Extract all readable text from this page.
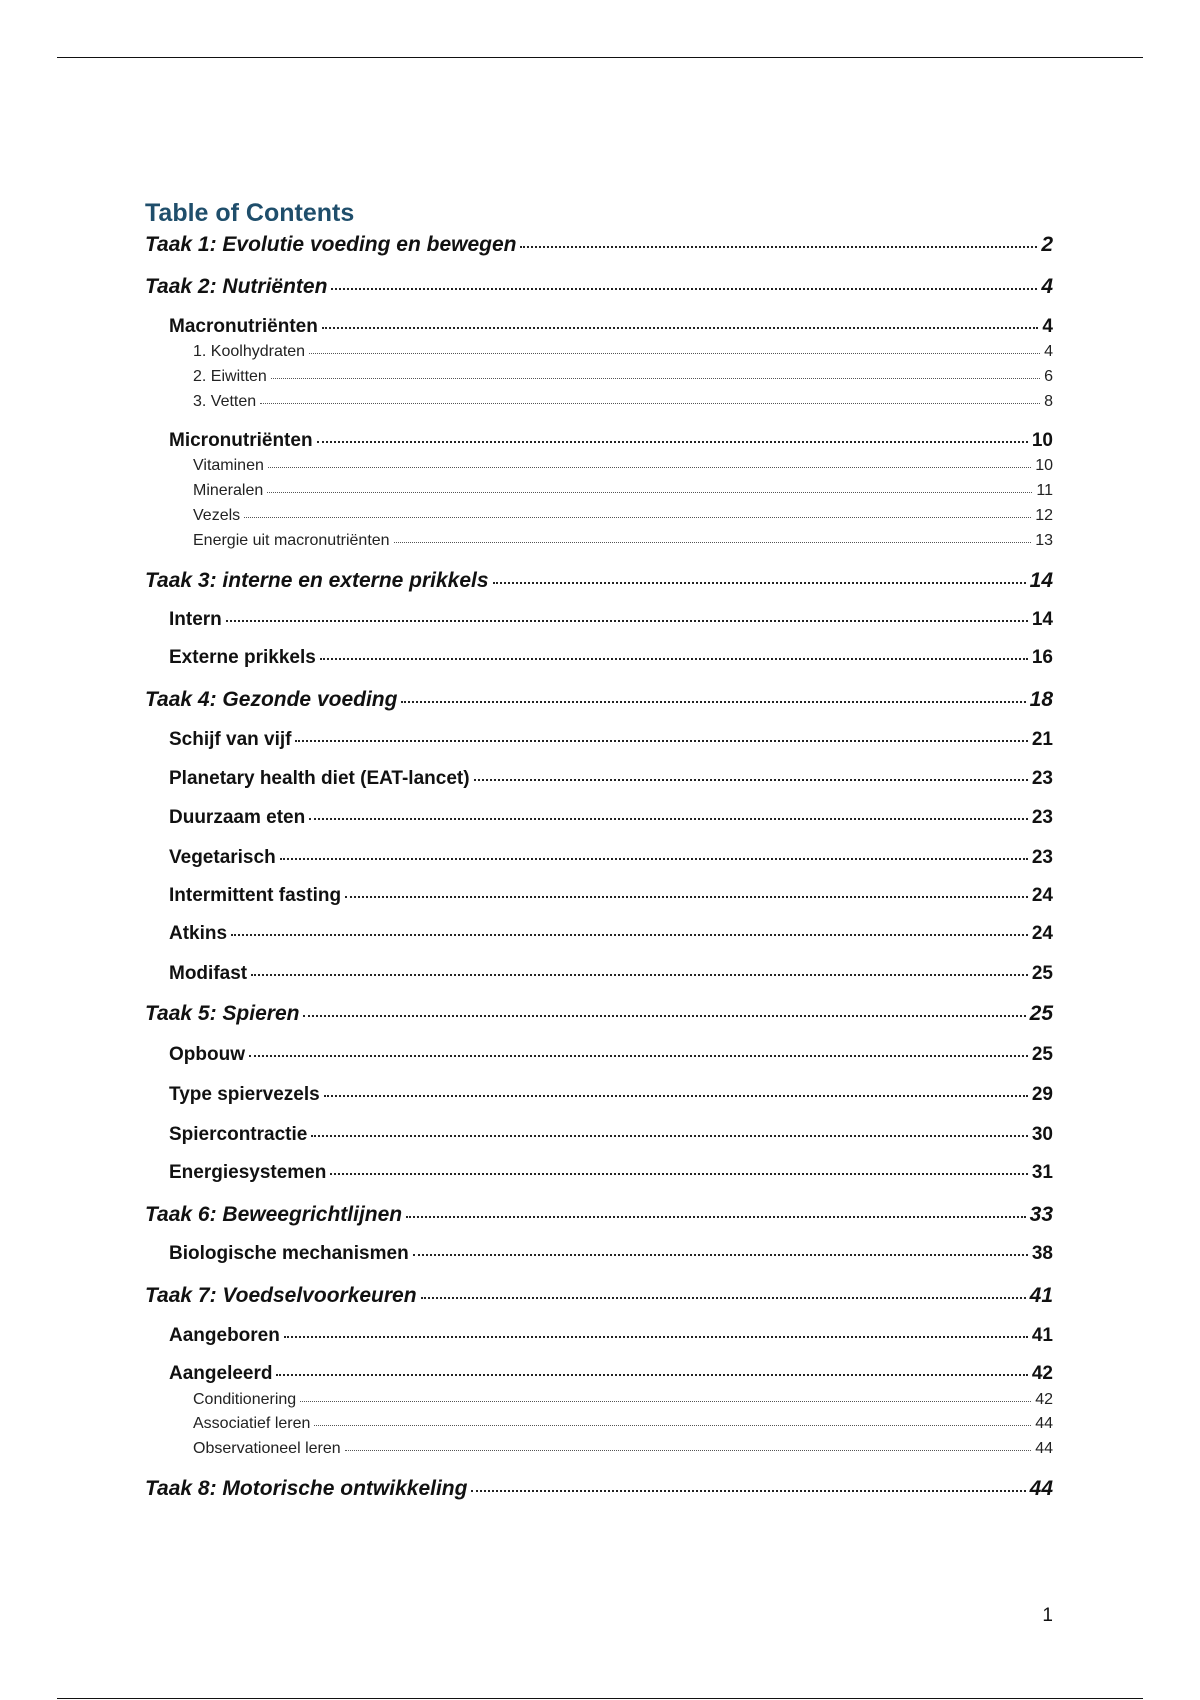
Table of Contents
Taak 1: Evolutie voeding en bewegen	2
Taak 2: Nutriënten	4
Macronutriënten	4
1. Koolhydraten	4
2. Eiwitten	6
3. Vetten	8
Micronutriënten	10
Vitaminen	10
Mineralen	11
Vezels	12
Energie uit macronutriënten	13
Taak 3: interne en externe prikkels	14
Intern	14
Externe prikkels	16
Taak 4: Gezonde voeding	18
Schijf van vijf	21
Planetary health diet (EAT-lancet)	23
Duurzaam eten	23
Vegetarisch	23
Intermittent fasting	24
Atkins	24
Modifast	25
Taak 5: Spieren	25
Opbouw	25
Type spiervezels	29
Spiercontractie	30
Energiesystemen	31
Taak 6: Beweegrichtlijnen	33
Biologische mechanismen	38
Taak 7: Voedselvoorkeuren	41
Aangeboren	41
Aangeleerd	42
Conditionering	42
Associatief leren	44
Observationeel leren	44
Taak 8: Motorische ontwikkeling	44
1
